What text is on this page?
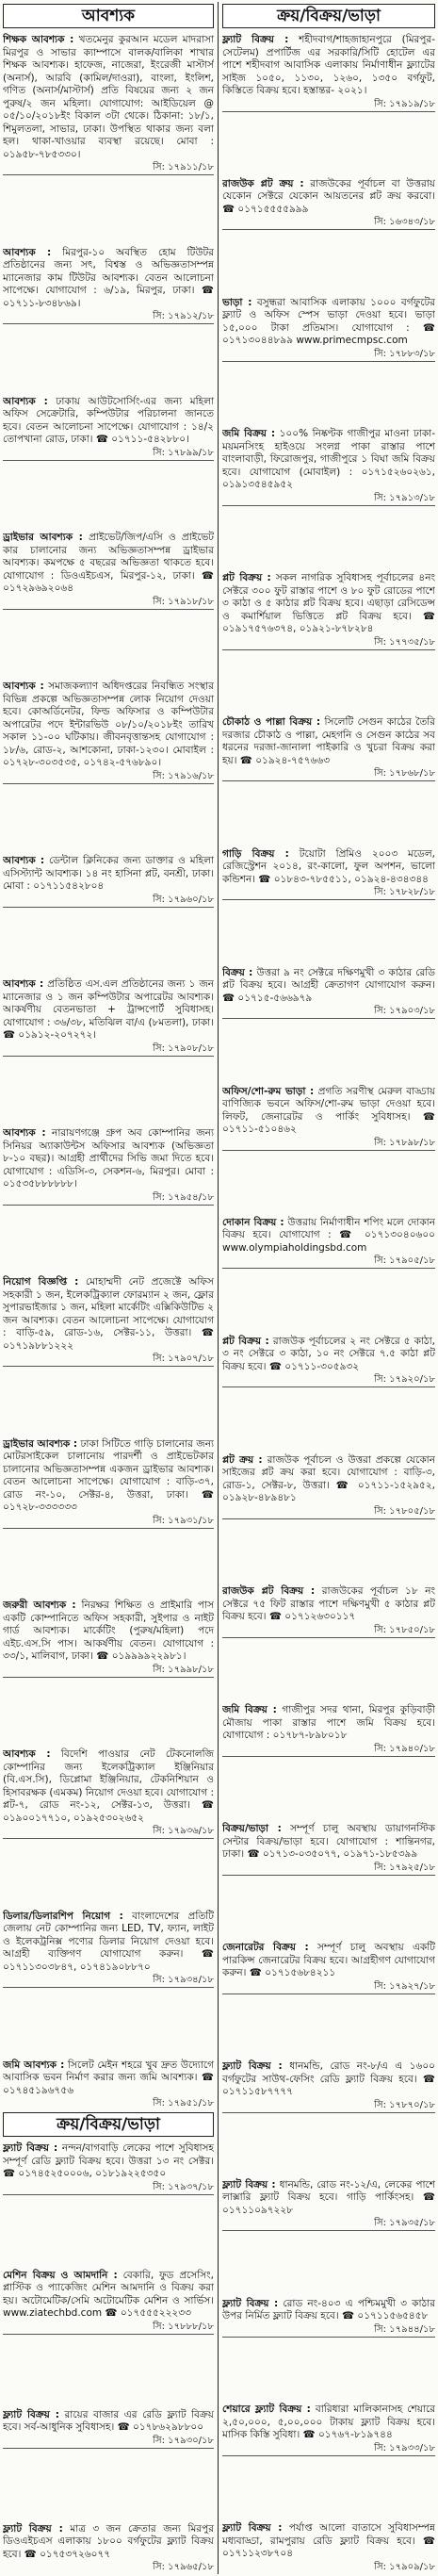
আবশ্যক
শিক্ষক আবশ্যক : খতমেনুর কুরআন মডেল মাদরাসা মিরপুর ও সাভার ক্যাম্পাসে বালক/বালিকা শাখার শিক্ষক আবশ্যক। হাফেজ, নাজেরা, ইংরেজী মাস্টার্স (অনার্স), আরবি (কামিল/দাওরা), বাংলা, ইংলিশ, গণিত (অনার্স/মাস্টার্স) প্রতি বিষয়ের জন্য ২ জন পুরুষ/২ জন মহিলা। যোগাযোগ: আইডিয়েল @ ০৫/১০/২০১৮ইং বিকাল ৩টা থেকে। ঠিকানা: ১৮/১, শিমুলতলা, সাভার, ঢাকা। উপস্থিত থাকার জন্য বলা হল। থাকা-খাওয়ার ব্যবস্থা রয়েছে। মোবা : ০১৯৫৮-৭৮৫৩৩০।
সি: ১৭৯১১/১৮
আবশ্যক : মিরপুর-১০ অবস্থিত হোম টিউটর প্রতিষ্ঠানের জন্য সৎ, বিশ্বস্ত ও অভিজ্ঞতাসম্পন্ন ম্যানেজার কাম টিউটর আবশ্যক। বেতন আলোচনা সাপেক্ষে। যোগাযোগ : ৬/১৯, মিরপুর, ঢাকা। ☎ ০১৭১১-৮৩৪৮৬৯।
সি: ১৭৯১২/১৮
আবশ্যক : ঢাকায় আউটসোর্সিং-এর জন্য মহিলা অফিস সেক্রেটারি, কম্পিউটার পরিচালনা জানতে হবে। বেতন আলোচনা সাপেক্ষে। যোগাযোগ : ১৪/২ তোপখানা রোড, ঢাকা। ☎ ০১৭১১-৫৪২৮৮০।
সি: ১৭৮৯৯/১৮
ড্রাইভার আবশ্যক : প্রাইভেট/জিপ/এসি ও প্রাইভেট কার চালানোর জন্য অভিজ্ঞতাসম্পন্ন ড্রাইভার আবশ্যক। কমপক্ষে ৫ বছরের অভিজ্ঞতা থাকতে হবে। যোগাযোগ : ডিওএইচএস, মিরপুর-১২, ঢাকা। ☎ ০১৭২৯৬৯২০৬৪
সি: ১৭৯১৮/১৮
আবশ্যক : সমাজকল্যাণ অধিদপ্তরের নিবন্ধিত সংস্থার বিভিন্ন প্রকল্পে অভিজ্ঞতাসম্পন্ন লোক নিয়োগ দেওয়া হবে। কোঅর্ডিনেটর, ফিল্ড অফিসার ও কম্পিউটার অপারেটর পদে ইন্টারভিউ ০৮/১০/২০১৮ইং তারিখ সকাল ১১-০০ ঘটিকায়। জীবনবৃত্তান্তসহ যোগাযোগ : ১৮/৬, রোড-২, আশকোনা, ঢাকা-১২৩০। মোবাইল : ০১৭২৮-৩০৩৫৩৫, ০১৭৪২-৫৭৬৮৯০।
সি: ১৭৯১৬/১৮
আবশ্যক : ডেন্টাল ক্লিনিকের জন্য ডাক্তার ও মহিলা এসিস্ট্যান্ট আবশ্যক। ১৪ নং হাসিনা প্লট, বনশ্রী, ঢাকা। মোবা : ০১৭১১৫৪২৮০৪
সি: ১৭৯৬০/১৮
আবশ্যক : প্রতিষ্ঠিত এস.এল প্রতিষ্ঠানের জন্য ১ জন ম্যানেজার ও ১ জন কম্পিউটার অপারেটর আবশ্যক। আকর্ষণীয় বেতনভাতা + ট্রান্সপোর্ট সুবিধাসহ। যোগাযোগ : ৩৬/৩৮, মতিঝিল বা/এ (৮মতলা), ঢাকা। ☎ ০১৯১২-২০৭২৭২।
সি: ১৭৯০৮/১৮
আবশ্যক : নারায়ণগঞ্জে গ্রুপ অব কোম্পানির জন্য সিনিয়র অ্যাকাউন্টস অফিসার আবশ্যক (অভিজ্ঞতা ৮-১০ বছর)। আগ্রহী প্রার্থীদের সিভি জমা দিতে হবে। যোগাযোগ : এডিসি-৩, সেকশন-৬, মিরপুর। মোবা : ০১৫৩৫৮৮৮৮৮৮।
সি: ১৭৯৫৪/১৮
নিয়োগ বিজ্ঞপ্তি : মোহাম্মদী নেট প্রজেক্টে অফিস সহকারী ১ জন, ইলেকট্রিক্যাল ফোরম্যান ২ জন, ফ্লোর সুপারভাইজার ১ জন, মহিলা মার্কেটিং এক্সিকিউটিভ ২ জন আবশ্যক। বেতন আলোচনা সাপেক্ষে। যোগাযোগ : বাড়ি-৫৯, রোড-১৬, সেক্টর-১১, উত্তরা। ☎ ০১৭১৯৮৮১২২২
সি: ১৭৯০৭/১৮
ড্রাইভার আবশ্যক : ঢাকা সিটিতে গাড়ি চালানোর জন্য মোটরসাইকেল চালানোয় পারদর্শী ও প্রাইভেটকার চালানোর অভিজ্ঞতাসম্পন্ন একজন ড্রাইভার আবশ্যক। বেতন আলোচনা সাপেক্ষে। যোগাযোগ : বাড়ি-৩৭, রোড নং-১০, সেক্টর-৪, উত্তরা, ঢাকা। ☎ ০১৭২৮-৩৩৩৩৩৩
সি: ১৭৯৩১/১৮
জরুরী আবশ্যক : নিরক্ষর শিক্ষিত ও প্রাইমারি পাস একটি কোম্পানিতে অফিস সহকারী, সুইপার ও নাইট গার্ড আবশ্যক। মার্কেটিং (পুরুষ/মহিলা) পদে এইচ.এস.সি পাস। আকর্ষণীয় বেতন। যোগাযোগ : ৩৩/১, মালিবাগ, ঢাকা। ☎ ০১৯৯৯৯২২৯৮১।
সি: ১৭৯৯৮/১৮
আবশ্যক : বিদেশি পাওয়ার নেট টেকনোলজি কোম্পানির জন্য ইলেকট্রিক্যাল ইঞ্জিনিয়ার (বি.এস.সি), ডিপ্লোমা ইঞ্জিনিয়ার, টেকনিশিয়ান ও হিসাবরক্ষক (এমকম) নিয়োগ দেওয়া হবে। যোগাযোগ : প্লট-৭, রোড নং-১২, সেক্টর-১৩, উত্তরা। ☎ ০১৯০০১৭৭১০, ০১৯২৫৩০২৬৫২
সি: ১৭৯৩৬/১৮
ডিলার/ডিলারশিপ নিয়োগ : বাংলাদেশের প্রতিটি জেলায় নেট কোম্পানির জন্য LED, TV, ফ্যান, লাইট ও ইলেকট্রনিক্স পণ্যের ডিলার নিয়োগ দেওয়া হবে। আগ্রহী ব্যক্তিগণ যোগাযোগ করুন। ☎ ০১৭১১৩০৩৮৪৭, ০১৭৪১৯০৮৮৭০
সি: ১৭৯৩৪/১৮
জমি আবশ্যক : সিলেট মেইন শহরে খুব দ্রুত উদ্যোগে আবাসিক ভবন নির্মাণ করার জন্য জমি আবশ্যক। ☎ ০১৭৪৫১৯৬৭৫৬
সি: ১৭৯৫১/১৮
ক্রয়/বিক্রয়/ভাড়া
ফ্ল্যাট বিক্রয় : নন্দন/বাগবাড়ি লেকের পাশে সুবিধাসহ সম্পূর্ণ রেডি ফ্ল্যাট বিক্রয় হবে। উত্তরা ১৩ নং সেক্টর। ☎ ০১৭৪৫২৫০০০৬, ০১৮১৯২২৫৩৫০
সি: ১৭৯৩৭/১৮
মেশিন বিক্রয় ও আমদানি : বেকারি, ফুড প্রসেসিং, প্লাস্টিক ও প্যাকেজিং মেশিন আমদানি ও বিক্রয় করা হয়। অটোমেটিক/সেমি অটোমেটিক মেশিন ও সার্ভিস। www.ziatechbd.com ☎ ০১৭৫৫৫২২২৩৩
সি: ১৭৮৮৮/১৮
ফ্ল্যাট বিক্রয় : রায়ের বাজার এর রেডি ফ্ল্যাট বিক্রয় হবে। সর্ব-আধুনিক সুবিধাসহ। ☎ ০১৭৮৬২৯৮৮০০
সি: ১৭৯৩০/১৮
ফ্ল্যাট বিক্রয় : মাত্র ৩ জন ক্রেতার জন্য মিরপুর ডিওএইচএস এলাকায় ১৮০০ বর্গফুটের ফ্ল্যাট বিক্রয় হবে। ☎ ০১৭৫৩৭২৬০৭৭
সি: ১৭৯৬৫/১৮
ক্রয়/বিক্রয়/ভাড়া
ফ্ল্যাট বিক্রয় : শহীদবাগ/শাহজাহানপুরে (মিরপুর-সেটেলম) প্রপার্টিজ এর সরকারি/সিটি হোটেল এর পাশে শহীদবাগ আবাসিক এলাকায় নির্মাণাধীন ফ্ল্যাটের সাইজ ১০৫০, ১১৩০, ১২৬০, ১৩৫০ বর্গফুট, কিস্তিতে বিক্রয় হবে। হস্তান্তর- ২০২১।
সি: ১৭৯১৯/১৮
রাজউক প্লট ক্রয় : রাজউকের পূর্বাচল বা উত্তরায় যেকোন সেক্টরে যেকোন আয়তনের প্লট ক্রয় করবো। ☎ ০১৭১৫৫৫৫৯৯৯
সি: ১৬৩৪৩/১৮
ভাড়া : বসুন্ধরা আবাসিক এলাকায় ১০০০ বর্গফুটের ফ্ল্যাট ও অফিস স্পেস ভাড়া দেওয়া হবে। ভাড়া ১৫,০০০ টাকা প্রতিমাস। যোগাযোগ : ☎ ০১৭১৩০৪৪৮৯৯ www.primecmpsc.com
সি: ১৭৮৮৩/১৮
জমি বিক্রয় : ১০০% নিষ্কণ্টক গাজীপুর মাওনা ঢাকা-ময়মনসিংহ হাইওয়ে সংলগ্ন পাকা রাস্তার পাশে বাংলাবাড়ী, ফিরোজপুর, গাজীপুরে ১ বিঘা জমি বিক্রয় হবে। যোগাযোগ (মোবাইল) : ০১৭১৫২৬০২৬১, ০১৯১৩৫৪৫৯৫২
সি: ১৭৯১৩/১৮
প্লট বিক্রয় : সকল নাগরিক সুবিধাসহ পূর্বাচলের ৪নং সেক্টরে ৩০০ ফুট রাস্তার পাশে ও ৮০ ফুট রোডের পাশে ৩ কাঠা ও ৫ কাঠার প্লট বিক্রয় হবে। এছাড়া রেসিডেন্স ও কমার্শিয়াল ভিত্তিতে প্লট বিক্রয় হবে। ☎ ০১৯১৭৫৭৬৩৭৪, ০১৯২১-৮৭৮২৮৪
সি: ১৭৭৩৫/১৮
চৌকাঠ ও পাল্লা বিক্রয় : সিলেটি সেগুন কাঠের তৈরি দরজার চৌকাঠ ও পাল্লা, মেহগনি ও সেগুন কাঠের সব ধরনের দরজা-জানালা পাইকারি ও খুচরা বিক্রয় করা হয়। ☎ ০১৯২৪-৭৫৭৬৬৩
সি: ১৭৮৬৮/১৮
গাড়ি বিক্রয় : টয়োটা প্রিমিও ২০০৩ মডেল, রেজিস্ট্রেশন ২০১৪, রং-কালো, ফুল অপশন, ভালো কন্ডিশন। ☎ ০১৮৪৩-৭৮৫৫১১, ০১৯২৪-৪৩৪৩৪৪
সি: ১৭৮২৮/১৮
বিক্রয় : উত্তরা ৯ নং সেক্টরে দক্ষিণমুখী ৩ কাঠার রেডি প্লট বিক্রয় হবে। আগ্রহী ক্রেতাগণ যোগাযোগ করুন। ☎ ০১৭১৫-৫৬৬৯৭৯
সি: ১৭৯০৩/১৮
অফিস/শো-রুম ভাড়া : প্রগতি সরণীস্থ মেরুল বাড্ডায় বাণিজ্যিক ভবনে অফিস/শো-রুম ভাড়া দেওয়া হবে। লিফট, জেনারেটর ও পার্কিং সুবিধাসহ। ☎ ০১৭১১-৫১০৪৬২
সি: ১৭৮৯৮/১৮
দোকান বিক্রয় : উত্তরায় নির্মাণাধীন শপিং মলে দোকান বিক্রয় হবে। যোগাযোগ : ☎ ০১৭১৩০৪০৬০০ www.olympiaholdingsbd.com
সি: ১৭৯০৫/১৮
প্লট বিক্রয় : রাজউক পূর্বাচলের ২ নং সেক্টরে ৫ কাঠা, ৩ নং সেক্টরে ৩ কাঠা, ১০ নং সেক্টরে ৭.৫ কাঠা প্লট বিক্রয় হবে। ☎ ০১৭১১-৩০৫৯৩২
সি: ১৭৯২০/১৮
প্লট ক্রয় : রাজউক পূর্বাচল ও উত্তরা প্রকল্পে যেকোন সাইজের প্লট ক্রয় করা হবে। যোগাযোগ : বাড়ি-৩, রোড-১, সেক্টর-৮, উত্তরা। ☎ ০১৭১১-১৫২৯৫২, ০১৯২৮-৪৮৯৪৮১
সি: ১৭৮০৫/১৮
রাজউক প্লট বিক্রয় : রাজউকের পূর্বাচল ১৮ নং সেক্টরে ৭৫ ফিট রাস্তার পাশে দক্ষিণমুখী ৫ কাঠার প্লট বিক্রয় হবে। ☎ ০১৭১২৬৩০১১৭
সি: ১৭৮৫০/১৮
জমি বিক্রয় : গাজীপুর সদর থানা, মিরপুর কুড়িবাড়ী মৌজায় পাকা রাস্তার পাশে জমি বিক্রয় হবে। যোগাযোগ : ০১৭৮৭-৮৯৮০১৮
সি: ১৭৯৪০/১৮
বিক্রয়/ভাড়া : সম্পূর্ণ চালু অবস্থায় ডায়াগনস্টিক সেন্টার বিক্রয়/ভাড়া হবে। যোগাযোগ : শান্তিনগর, ঢাকা। ☎ ০১৭১৩-০৩৫০৭৭, ০১৯৭১-১৮৫৩৯৯
সি: ১৭৯২৫/১৮
জেনারেটর বিক্রয় : সম্পূর্ণ চালু অবস্থায় একটি পারকিন্স জেনারেটর বিক্রয় হবে। আগ্রহীগণ যোগাযোগ করুন। ☎ ০১৭১৫৬৮৪২১১
সি: ১৭৯২৭/১৮
ফ্ল্যাট বিক্রয় : ধানমন্ডি, রোড নং-৮/এ এ ১৬০০ বর্গফুটের সাউথ-ফেসিং রেডি ফ্ল্যাট বিক্রয় হবে। ☎ ০১৭১১৫৮৭৭৭৭
সি: ১৭৮৭০/১৮
ফ্ল্যাট বিক্রয় : ধানমন্ডি, রোড নং-১২/এ, লেকের পাশে লাক্সারি ফ্ল্যাট বিক্রয় হবে। গাড়ি পার্কিংসহ। ☎ ০১৭১১০৯৭২২৮
সি: ১৭৯৩৫/১৮
ফ্ল্যাট বিক্রয় : রোড নং-৪০৩ এ পশ্চিমমুখী ৩ কাঠার উপর নির্মিত ফ্ল্যাট বিক্রয় হবে। ☎ ০১৭১১৫৬৫৪৫৮
সি: ১৭৯৪৪/১৮
শেয়ারে ফ্ল্যাট বিক্রয় : বারিধারা মালিকানাসহ শেয়ারে ২,৫০,০০০, ৫,০০,০০০ টাকায় ফ্ল্যাট বিক্রয় হবে। মাসিক কিস্তি সুবিধা। ☎ ০১৭৬৭-৮১৯৭৪৪
সি: ১৭৯৩৩/১৮
ফ্ল্যাট বিক্রয় : পর্যাপ্ত আলো বাতাসে সুবিধাসম্পন্ন মধ্যবাড্ডা, রামপুরায় রেডি ফ্ল্যাট বিক্রয় হবে। ☎ ০১৭১১২৩৮৭০৪
সি: ১৭৯০৯/১৮
